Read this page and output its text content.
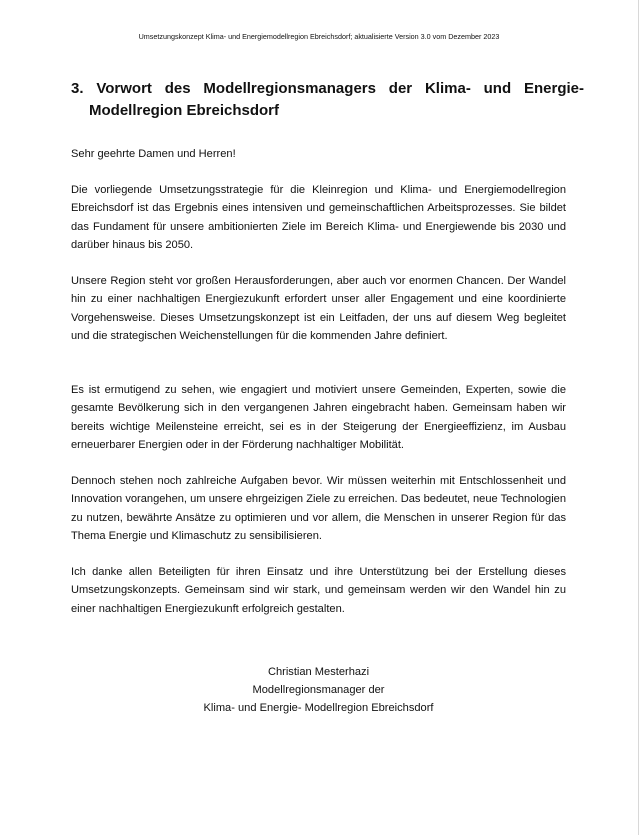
Umsetzungskonzept Klima- und Energiemodellregion Ebreichsdorf; aktualisierte Version 3.0 vom Dezember 2023
3. Vorwort des Modellregionsmanagers der Klima- und Energie-Modellregion Ebreichsdorf

Sehr geehrte Damen und Herren!

Die vorliegende Umsetzungsstrategie für die Kleinregion und Klima- und Energiemodellregion Ebreichsdorf ist das Ergebnis eines intensiven und gemeinschaftlichen Arbeitsprozesses. Sie bildet das Fundament für unsere ambitionierten Ziele im Bereich Klima- und Energiewende bis 2030 und darüber hinaus bis 2050.

Unsere Region steht vor großen Herausforderungen, aber auch vor enormen Chancen. Der Wandel hin zu einer nachhaltigen Energiezukunft erfordert unser aller Engagement und eine koordinierte Vorgehensweise. Dieses Umsetzungskonzept ist ein Leitfaden, der uns auf diesem Weg begleitet und die strategischen Weichenstellungen für die kommenden Jahre definiert.

Es ist ermutigend zu sehen, wie engagiert und motiviert unsere Gemeinden, Experten, sowie die gesamte Bevölkerung sich in den vergangenen Jahren eingebracht haben. Gemeinsam haben wir bereits wichtige Meilensteine erreicht, sei es in der Steigerung der Energieeffizienz, im Ausbau erneuerbarer Energien oder in der Förderung nachhaltiger Mobilität.

Dennoch stehen noch zahlreiche Aufgaben bevor. Wir müssen weiterhin mit Entschlossenheit und Innovation vorangehen, um unsere ehrgeizigen Ziele zu erreichen. Das bedeutet, neue Technologien zu nutzen, bewährte Ansätze zu optimieren und vor allem, die Menschen in unserer Region für das Thema Energie und Klimaschutz zu sensibilisieren.

Ich danke allen Beteiligten für ihren Einsatz und ihre Unterstützung bei der Erstellung dieses Umsetzungskonzepts. Gemeinsam sind wir stark, und gemeinsam werden wir den Wandel hin zu einer nachhaltigen Energiezukunft erfolgreich gestalten.

Christian Mesterhazi
Modellregionsmanager der
Klima- und Energie- Modellregion Ebreichsdorf
